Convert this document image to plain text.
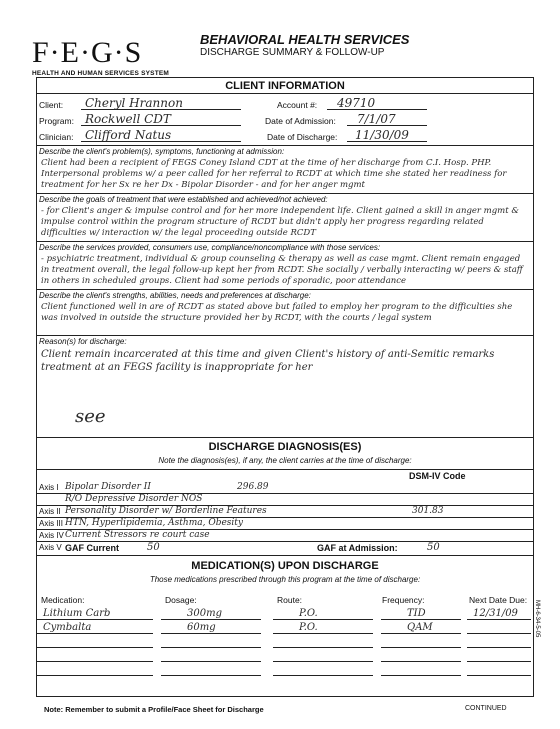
F·E·G·S
HEALTH AND HUMAN SERVICES SYSTEM
BEHAVIORAL HEALTH SERVICES
DISCHARGE SUMMARY & FOLLOW-UP
CLIENT INFORMATION
Client: Cheryl Hrannon
Program: Rockwell CDT
Clinician: Clifford Natus
Account #: 49710
Date of Admission: 7/1/07
Date of Discharge: 11/30/09
Describe the client's problem(s), symptoms, functioning at admission:
Client had been a recipient of FEGS Coney Island CDT at the time of her discharge from C.I. Hosp. PHP. Interpersonal problems w/ a peer called for her referral to RCDT at which time she stated her readiness for treatment for her Sx re her Dx - Bipolar Disorder - and for her anger mgmt
Describe the goals of treatment that were established and achieved/not achieved:
- for Client's anger & impulse control and for her more independent life. Client gained a skill in anger mgmt & impulse control within the program structure of RCDT but didn't apply her progress regarding related difficulties w/ interaction w/ the legal proceeding outside RCDT
Describe the services provided, consumers use, compliance/noncompliance with those services:
- psychiatric treatment, individual & group counseling & therapy as well as case mgmt. Client remain engaged in treatment overall, the legal follow-up kept her from RCDT. She socially / verbally interacting w/ peers & staff in others in scheduled groups. Client had some periods of sporadic, poor attendance
Describe the client's strengths, abilities, needs and preferences at discharge:
Client functioned well in are of RCDT as stated above but failed to employ her program to the difficulties she was involved in outside the structure provided her by RCDT, with the courts / legal system
Reason(s) for discharge:
Client remain incarcerated at this time and given Client's history of anti-Semitic remarks treatment at an FEGS facility is inappropriate for her
see
DISCHARGE DIAGNOSIS(ES)
Note the diagnosis(es), if any, the client carries at the time of discharge:
DSM-IV Code
Axis I Bipolar Disorder II	296.89
R/O Depressive Disorder NOS
Axis II Personality Disorder w/ Borderline Features	301.83
Axis III HTN, Hyperlipidemia, Asthma, Obesity
Axis IV Current Stressors re court case
Axis V GAF Current	50	GAF at Admission:	50
MEDICATION(S) UPON DISCHARGE
Those medications prescribed through this program at the time of discharge:
Medication:	Dosage:	Route:	Frequency:	Next Date Due:
Lithium Carb	300mg	P.O.	TID	12/31/09
Cymbalta	60mg	P.O.	QAM
Note: Remember to submit a Profile/Face Sheet for Discharge	CONTINUED
MH-6-34-5-05
